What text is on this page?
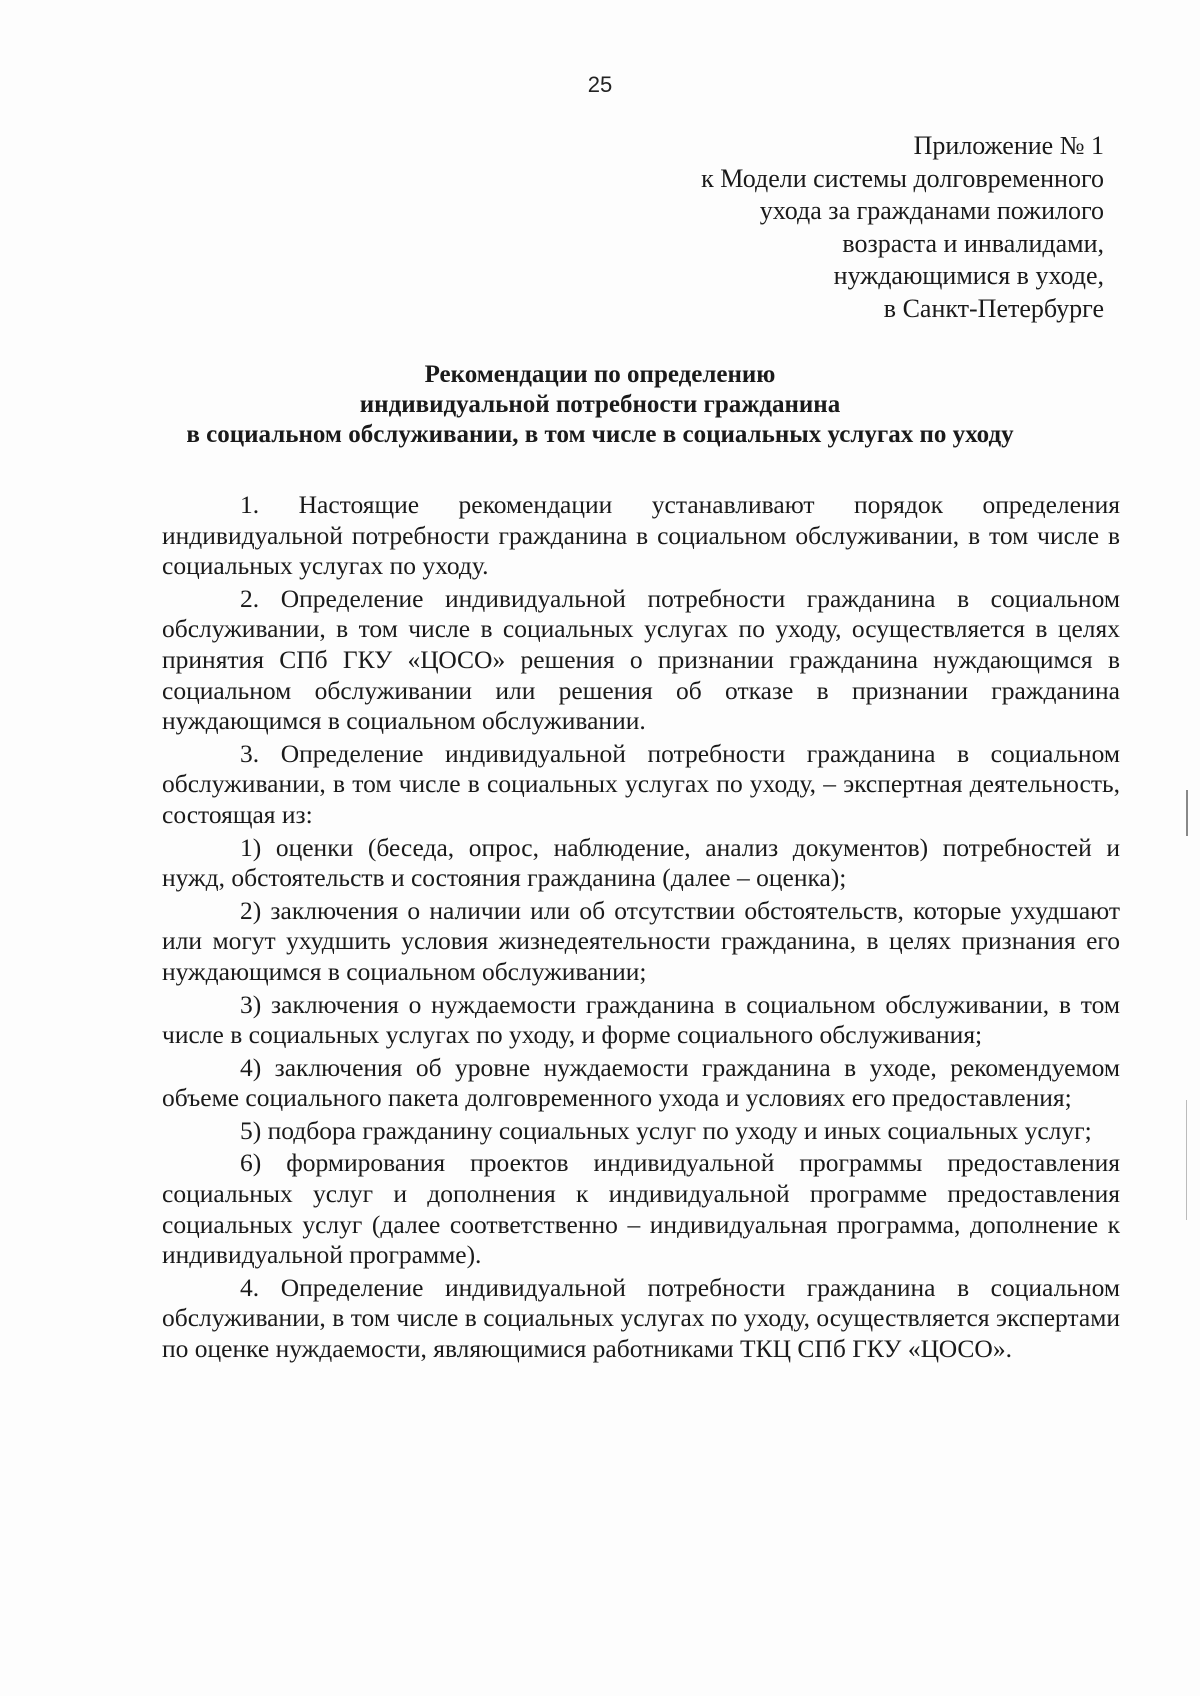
25
Приложение № 1
к Модели системы долговременного
ухода за гражданами пожилого
возраста и инвалидами,
нуждающимися в уходе,
в Санкт-Петербурге
Рекомендации по определению
индивидуальной потребности гражданина
в социальном обслуживании, в том числе в социальных услугах по уходу

1. Настоящие рекомендации устанавливают порядок определения индивидуальной потребности гражданина в социальном обслуживании, в том числе в социальных услугах по уходу.

2. Определение индивидуальной потребности гражданина в социальном обслуживании, в том числе в социальных услугах по уходу, осуществляется в целях принятия СПб ГКУ «ЦОСО» решения о признании гражданина нуждающимся в социальном обслуживании или решения об отказе в признании гражданина нуждающимся в социальном обслуживании.

3. Определение индивидуальной потребности гражданина в социальном обслуживании, в том числе в социальных услугах по уходу, – экспертная деятельность, состоящая из:

1) оценки (беседа, опрос, наблюдение, анализ документов) потребностей и нужд, обстоятельств и состояния гражданина (далее – оценка);

2) заключения о наличии или об отсутствии обстоятельств, которые ухудшают или могут ухудшить условия жизнедеятельности гражданина, в целях признания его нуждающимся в социальном обслуживании;

3) заключения о нуждаемости гражданина в социальном обслуживании, в том числе в социальных услугах по уходу, и форме социального обслуживания;

4) заключения об уровне нуждаемости гражданина в уходе, рекомендуемом объеме социального пакета долговременного ухода и условиях его предоставления;

5) подбора гражданину социальных услуг по уходу и иных социальных услуг;

6) формирования проектов индивидуальной программы предоставления социальных услуг и дополнения к индивидуальной программе предоставления социальных услуг (далее соответственно – индивидуальная программа, дополнение к индивидуальной программе).

4. Определение индивидуальной потребности гражданина в социальном обслуживании, в том числе в социальных услугах по уходу, осуществляется экспертами по оценке нуждаемости, являющимися работниками ТКЦ СПб ГКУ «ЦОСО».
